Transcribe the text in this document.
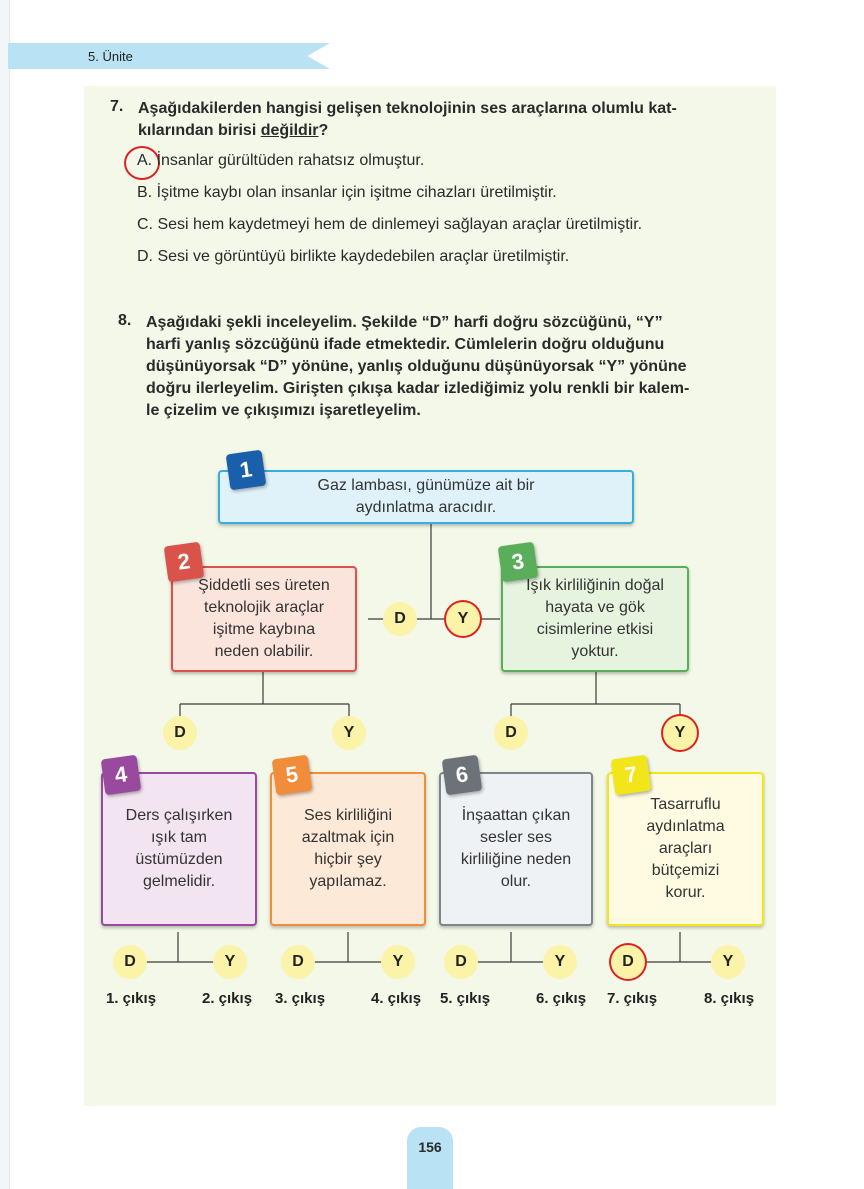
5. Ünite
7. Aşağıdakilerden hangisi gelişen teknolojinin ses araçlarına olumlu kat-
kılarından birisi değildir?
A. İnsanlar gürültüden rahatsız olmuştur.
B. İşitme kaybı olan insanlar için işitme cihazları üretilmiştir.
C. Sesi hem kaydetmeyi hem de dinlemeyi sağlayan araçlar üretilmiştir.
D. Sesi ve görüntüyü birlikte kaydedebilen araçlar üretilmiştir.
8. Aşağıdaki şekli inceleyelim. Şekilde “D” harfi doğru sözcüğünü, “Y”
harfi yanlış sözcüğünü ifade etmektedir. Cümlelerin doğru olduğunu
düşünüyorsak “D” yönüne, yanlış olduğunu düşünüyorsak “Y” yönüne
doğru ilerleyelim. Girişten çıkışa kadar izlediğimiz yolu renkli bir kalem-
le çizelim ve çıkışımızı işaretleyelim.
Gaz lambası, günümüze ait bir aydınlatma aracıdır.
1
Şiddetli ses üreten teknolojik araçlar işitme kaybına neden olabilir.
2
Işık kirliliğinin doğal hayata ve gök cisimlerine etkisi yoktur.
3
D	Y
D	Y	D	Y
Ders çalışırken ışık tam üstümüzden gelmelidir.
4
Ses kirliliğini azaltmak için hiçbir şey yapılamaz.
5
İnşaattan çıkan sesler ses kirliliğine neden olur.
6
Tasarruflu aydınlatma araçları bütçemizi korur.
7
D	Y	D	Y	D	Y	D	Y
1. çıkış	2. çıkış 3. çıkış	4. çıkış 5. çıkış	6. çıkış 7. çıkış	8. çıkış
156
